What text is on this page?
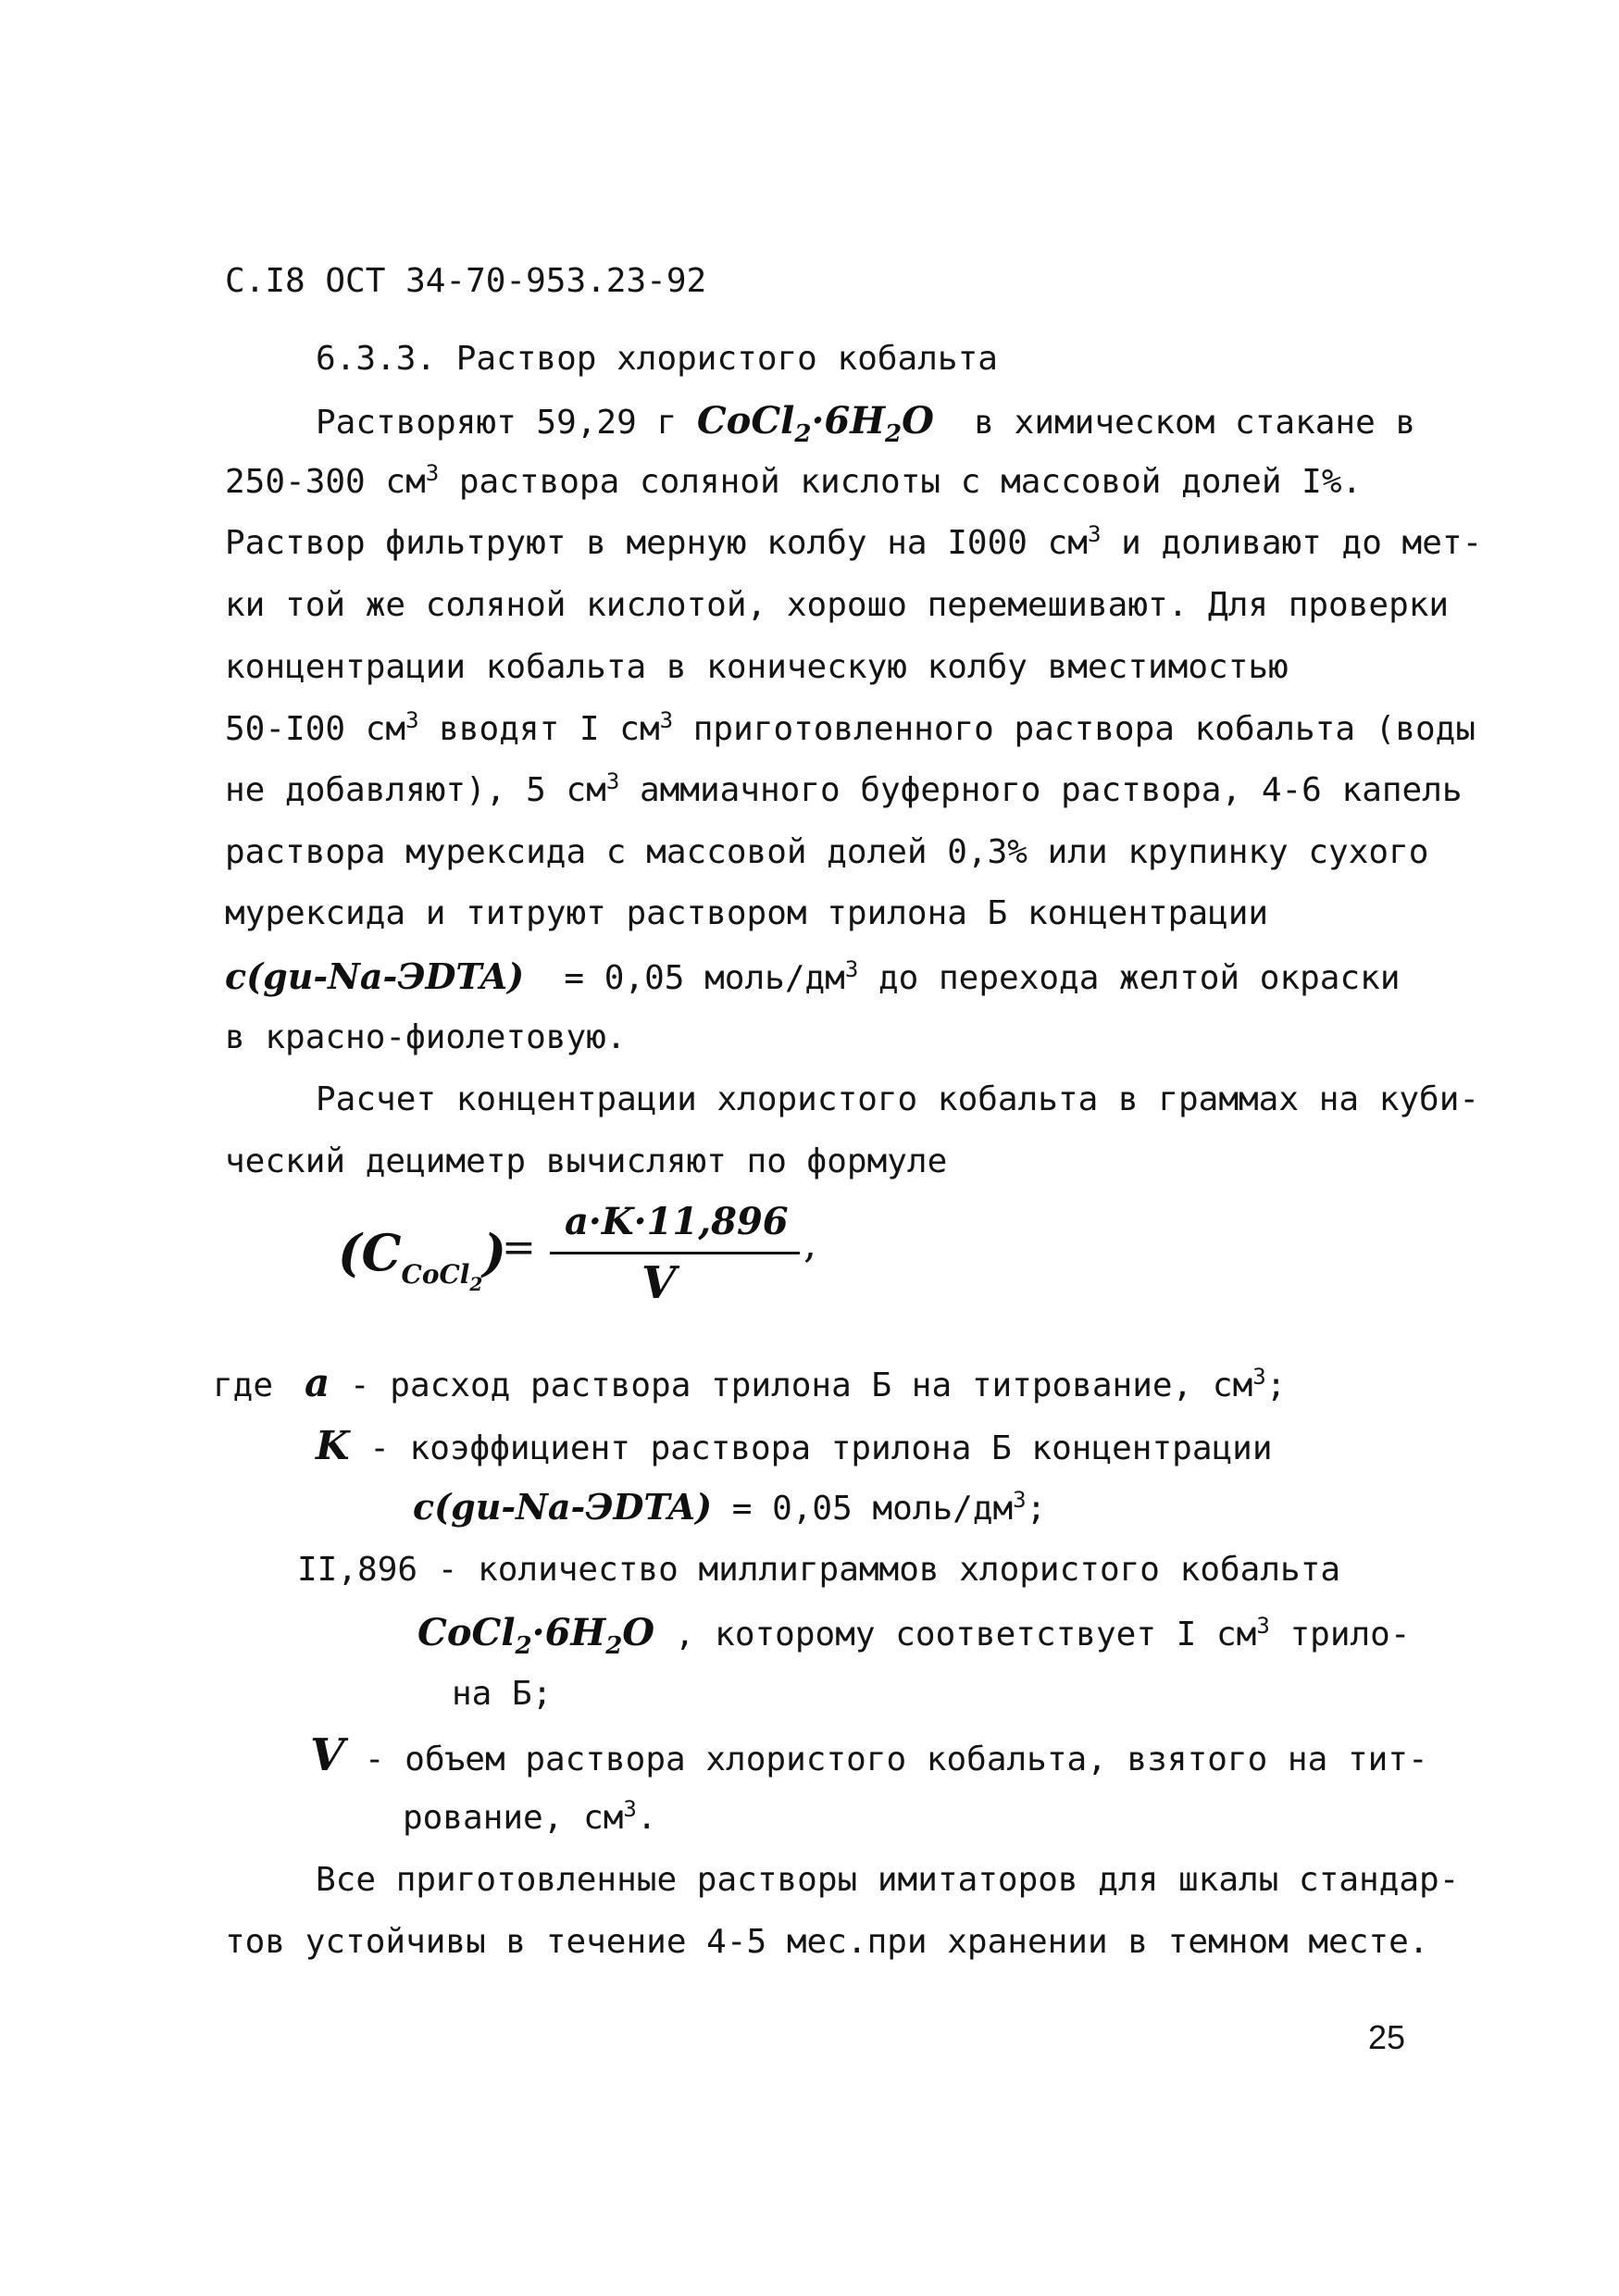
С.I8 ОСТ 34-70-953.23-92
6.3.3. Раствор хлористого кобальта
Растворяют 59,29 г $CoCl_2\cdot 6H_2O$  в химическом стакане в
250-300 $см^3$ раствора соляной кислоты с массовой долей I%.
Раствор фильтруют в мерную колбу на I000 $см^3$ и доливают до мет-
ки той же соляной кислотой, хорошо перемешивают. Для проверки
концентрации кобальта в коническую колбу вместимостью
50-I00 $см^3$ вводят I $см^3$ приготовленного раствора кобальта (воды
не добавляют), 5 $см^3$ аммиачного буферного раствора, 4-6 капель
раствора мурексида с массовой долей 0,3% или крупинку сухого
мурексида и титруют раствором трилона Б концентрации
c(gu-Na-ЭDTA)  = 0,05 моль/$дм^3$ до перехода желтой окраски
в красно-фиолетовую.
Расчет концентрации хлористого кобальта в граммах на куби-
ческий дециметр вычисляют по формуле
$(C_{CoCl_2})$
=
a·K·11,896
V
,
где a - расход раствора трилона Б на титрование, $см^3$;
K - коэффициент раствора трилона Б концентрации
c(gu-Na-ЭDTA) = 0,05 моль/$дм^3$;
II,896 - количество миллиграммов хлористого кобальта
$CoCl_2\cdot 6H_2O$ , которому соответствует I $см^3$ трило-
на Б;
V - объем раствора хлористого кобальта, взятого на тит-
рование, $см^3$.
Все приготовленные растворы имитаторов для шкалы стандар-
тов устойчивы в течение 4-5 мес.при хранении в темном месте.
25
